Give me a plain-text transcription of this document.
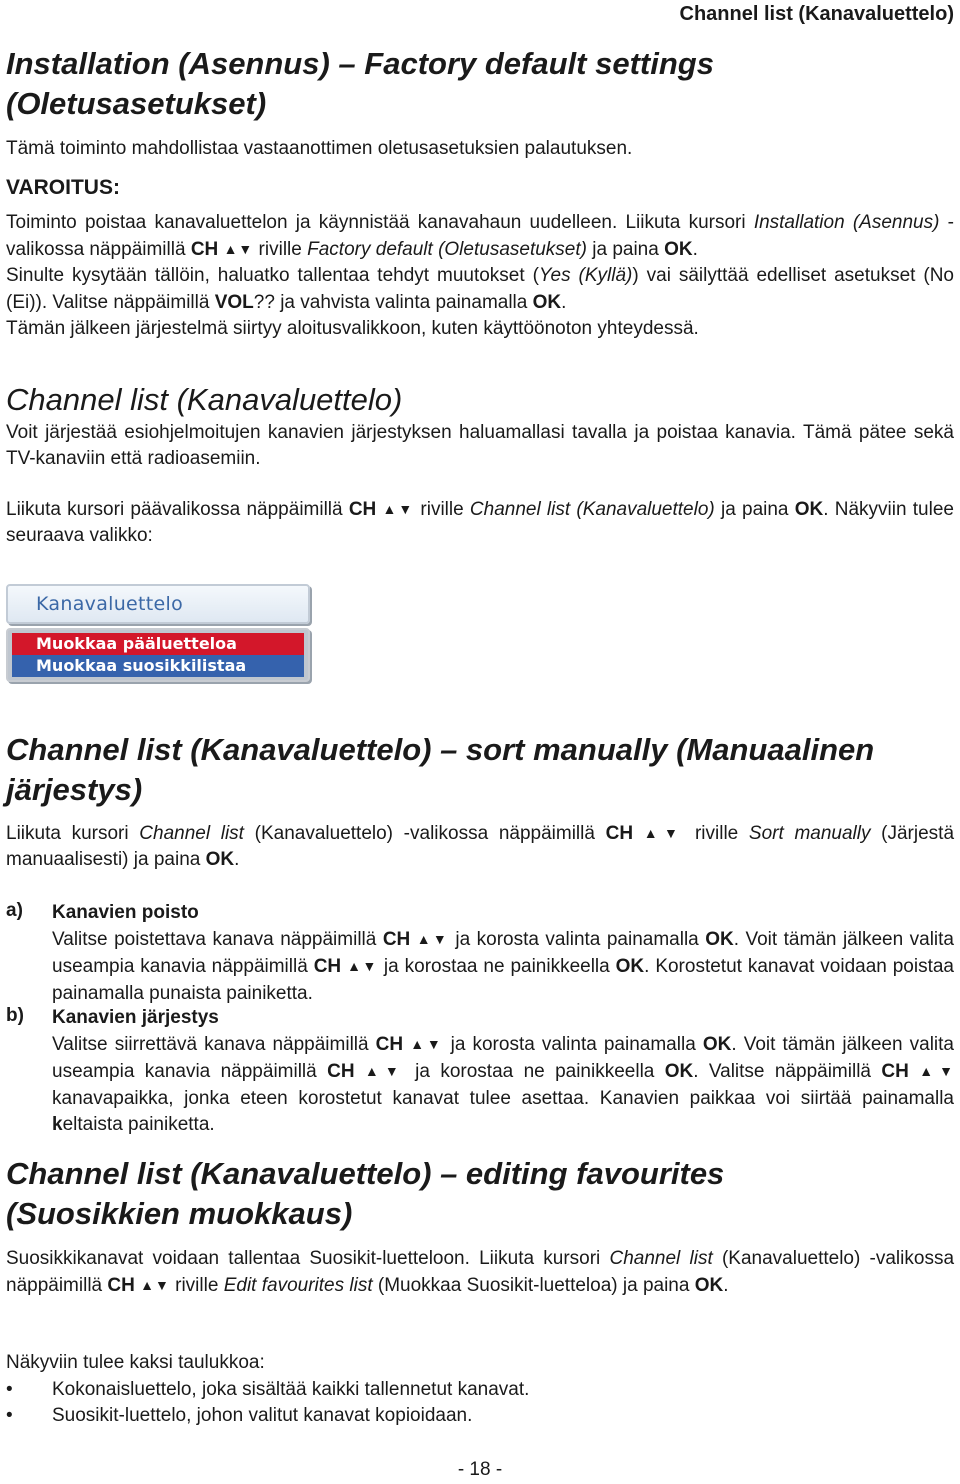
Channel list (Kanavaluettelo)
Installation (Asennus) – Factory default settings
(Oletusasetukset)

Tämä toiminto mahdollistaa vastaanottimen oletusasetuksien palautuksen.

VAROITUS:

Toiminto poistaa kanavaluettelon ja käynnistää kanavahaun uudelleen. Liikuta kursori Installation (Asennus) -valikossa näppäimillä CH ▲▼ riville Factory default (Oletusasetukset) ja paina OK.

Sinulte kysytään tällöin, haluatko tallentaa tehdyt muutokset (Yes (Kyllä)) vai säilyttää edelliset asetukset (No (Ei)). Valitse näppäimillä VOL?? ja vahvista valinta painamalla OK.

Tämän jälkeen järjestelmä siirtyy aloitusvalikkoon, kuten käyttöönoton yhteydessä.

Channel list (Kanavaluettelo)

Voit järjestää esiohjelmoitujen kanavien järjestyksen haluamallasi tavalla ja poistaa kanavia. Tämä pätee sekä TV-kanaviin että radioasemiin.

Liikuta kursori päävalikossa näppäimillä CH ▲▼ riville Channel list (Kanavaluettelo) ja paina OK. Näkyviin tulee seuraava valikko:

Kanavaluettelo
Muokkaa pääluetteloa
Muokkaa suosikkilistaa
Channel list (Kanavaluettelo) – sort manually (Manuaalinen
järjestys)

Liikuta kursori Channel list (Kanavaluettelo) -valikossa näppäimillä CH ▲▼ riville Sort manually (Järjestä manuaalisesti) ja paina OK.

a) Kanavien poisto

Valitse poistettava kanava näppäimillä CH ▲▼ ja korosta valinta painamalla OK. Voit tämän jälkeen valita useampia kanavia näppäimillä CH ▲▼ ja korostaa ne painikkeella OK. Korostetut kanavat voidaan poistaa painamalla punaista painiketta.

b) Kanavien järjestys

Valitse siirrettävä kanava näppäimillä CH ▲▼ ja korosta valinta painamalla OK. Voit tämän jälkeen valita useampia kanavia näppäimillä CH ▲▼ ja korostaa ne painikkeella OK. Valitse näppäimillä CH ▲▼ kanavapaikka, jonka eteen korostetut kanavat tulee asettaa. Kanavien paikkaa voi siirtää painamalla keltaista painiketta.

Channel list (Kanavaluettelo) – editing favourites
(Suosikkien muokkaus)

Suosikkikanavat voidaan tallentaa Suosikit-luetteloon. Liikuta kursori Channel list (Kanavaluettelo) -valikossa näppäimillä CH ▲▼ riville Edit favourites list (Muokkaa Suosikit-luetteloa) ja paina OK.

Näkyviin tulee kaksi taulukkoa:

• Kokonaisluettelo, joka sisältää kaikki tallennetut kanavat.
• Suosikit-luettelo, johon valitut kanavat kopioidaan.
- 18 -
